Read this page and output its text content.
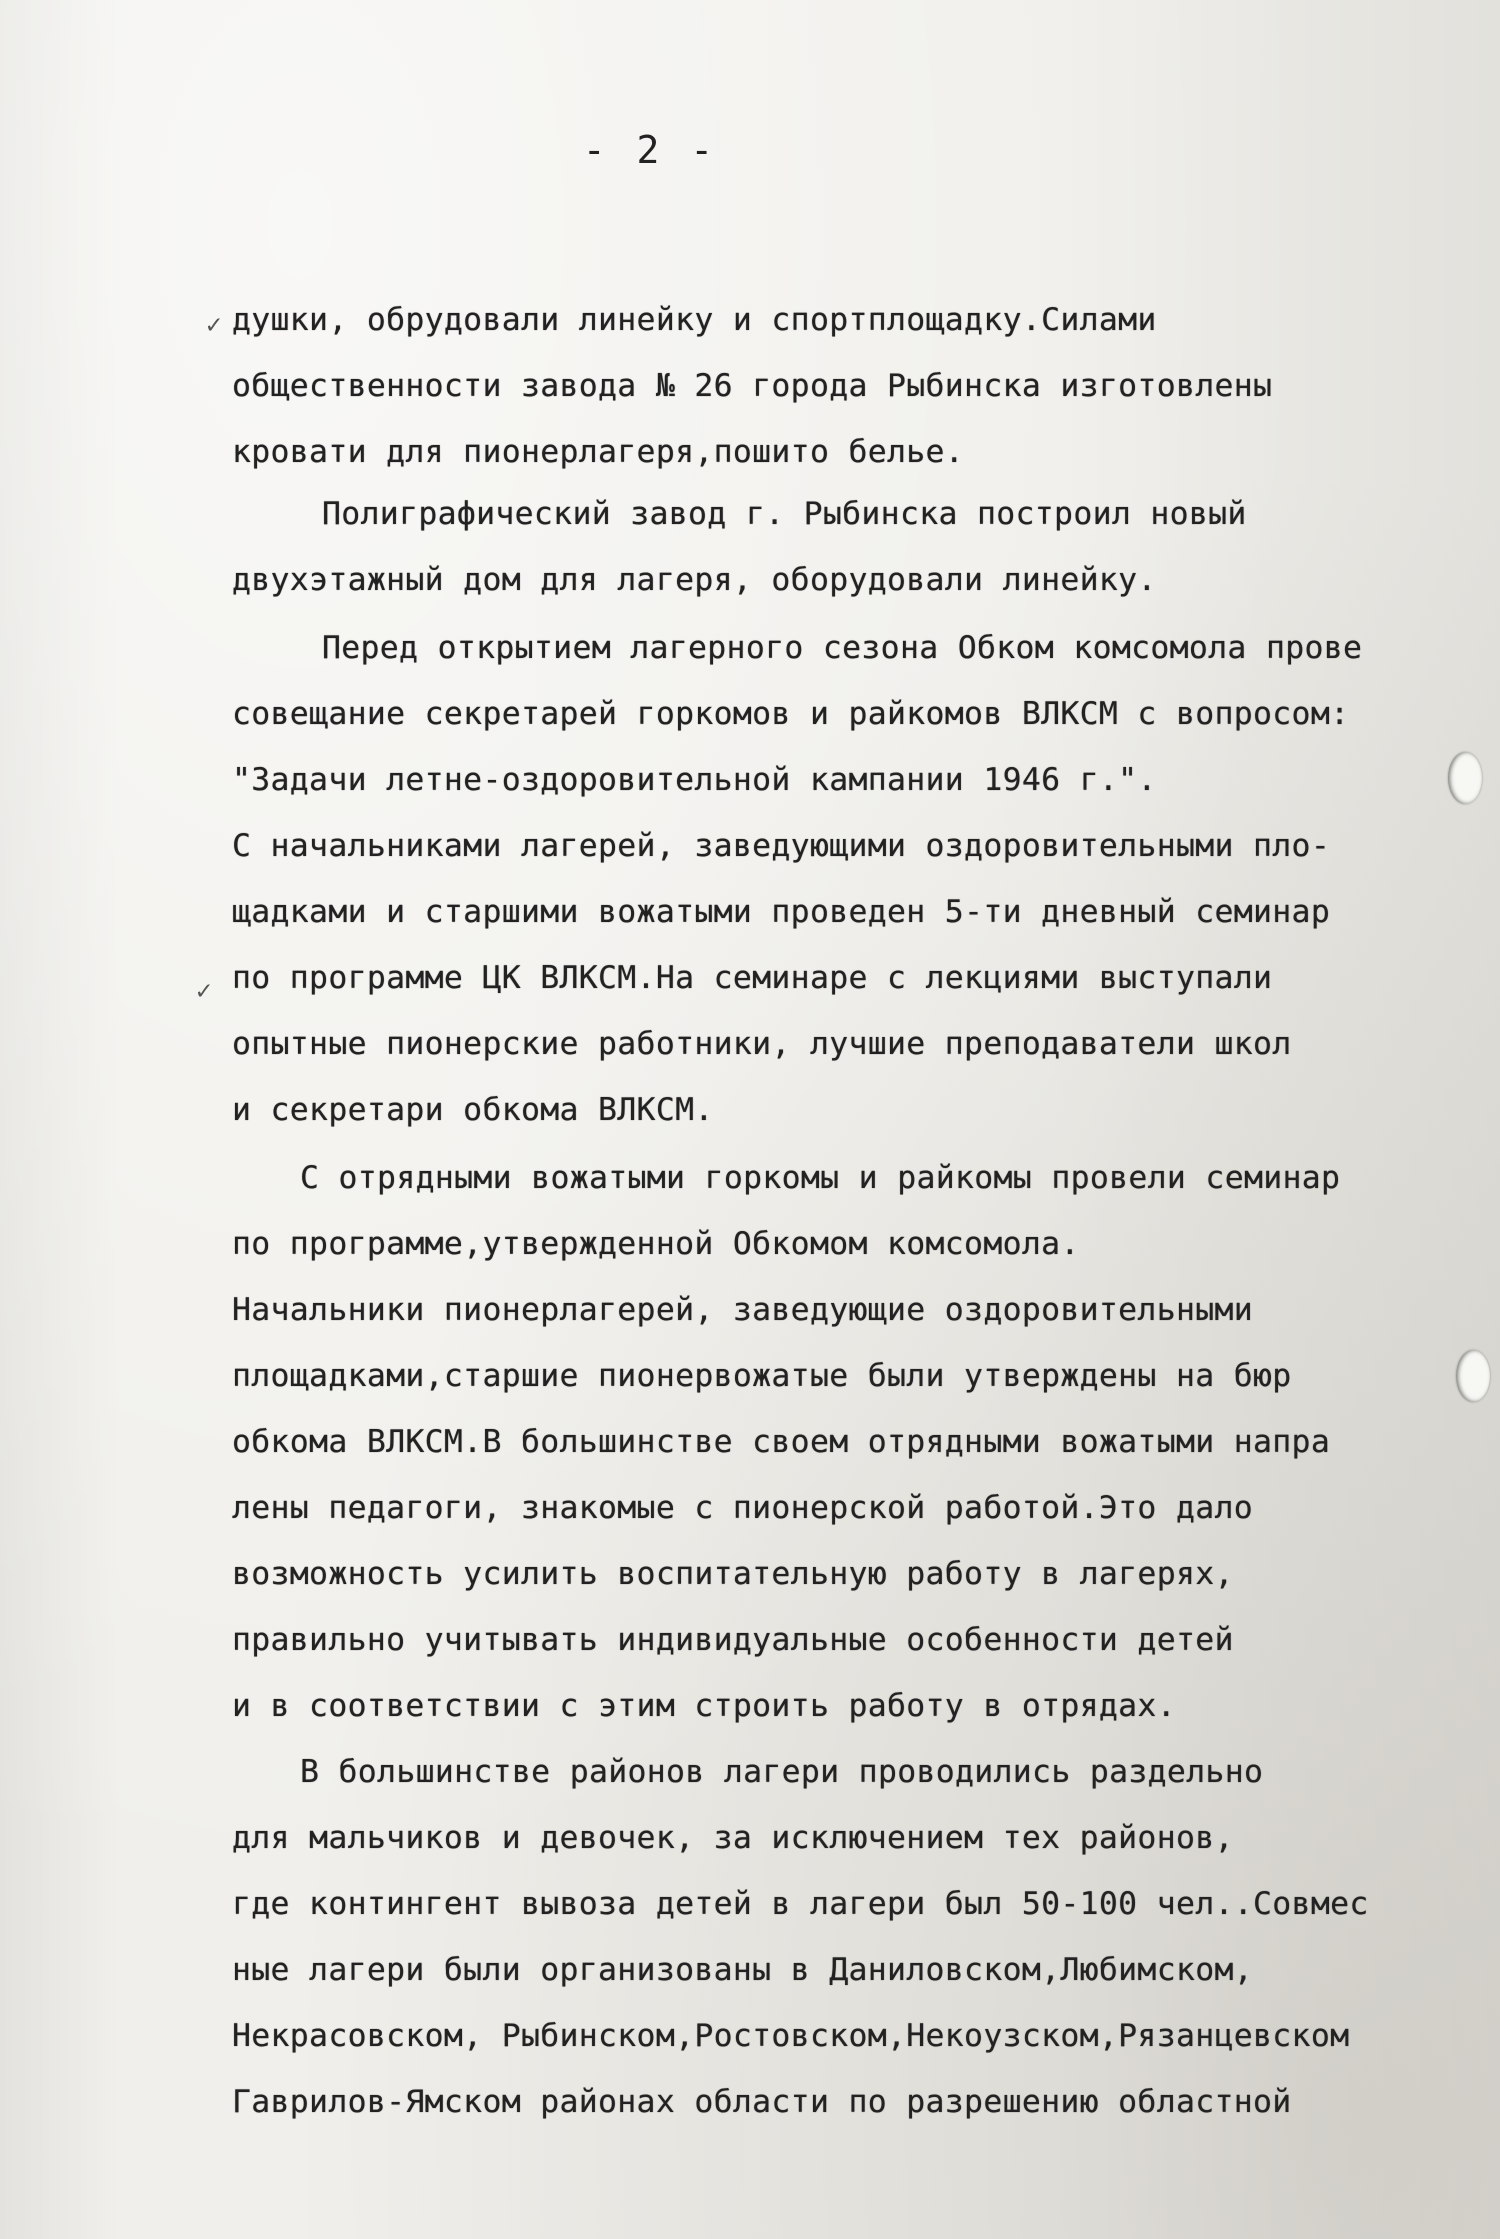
- 2 -
✓
✓
душки, обрудовали линейку и спортплощадку.Силами
общественности завода № 26 города Рыбинска изготовлены
кровати для пионерлагеря,пошито белье.
Полиграфический завод г. Рыбинска построил новый
двухэтажный дом для лагеря, оборудовали линейку.
Перед открытием лагерного сезона Обком комсомола прове
совещание секретарей горкомов и райкомов ВЛКСМ с вопросом:
"Задачи летне-оздоровительной кампании 1946 г.".
С начальниками лагерей, заведующими оздоровительными пло-
щадками и старшими вожатыми проведен 5-ти дневный семинар
по программе ЦК ВЛКСМ.На семинаре с лекциями выступали
опытные пионерские работники, лучшие преподаватели школ
и секретари обкома ВЛКСМ.
С отрядными вожатыми горкомы и райкомы провели семинар
по программе,утвержденной Обкомом комсомола.
Начальники пионерлагерей, заведующие оздоровительными
площадками,старшие пионервожатые были утверждены на бюр
обкома ВЛКСМ.В большинстве своем отрядными вожатыми напра
лены педагоги, знакомые с пионерской работой.Это дало
возможность усилить воспитательную работу в лагерях,
правильно учитывать индивидуальные особенности детей
и в соответствии с этим строить работу в отрядах.
В большинстве районов лагери проводились раздельно
для мальчиков и девочек, за исключением тех районов,
где контингент вывоза детей в лагери был 50-100 чел..Совмес
ные лагери были организованы в Даниловском,Любимском,
Некрасовском, Рыбинском,Ростовском,Некоузском,Рязанцевском
Гаврилов-Ямском районах области по разрешению областной
